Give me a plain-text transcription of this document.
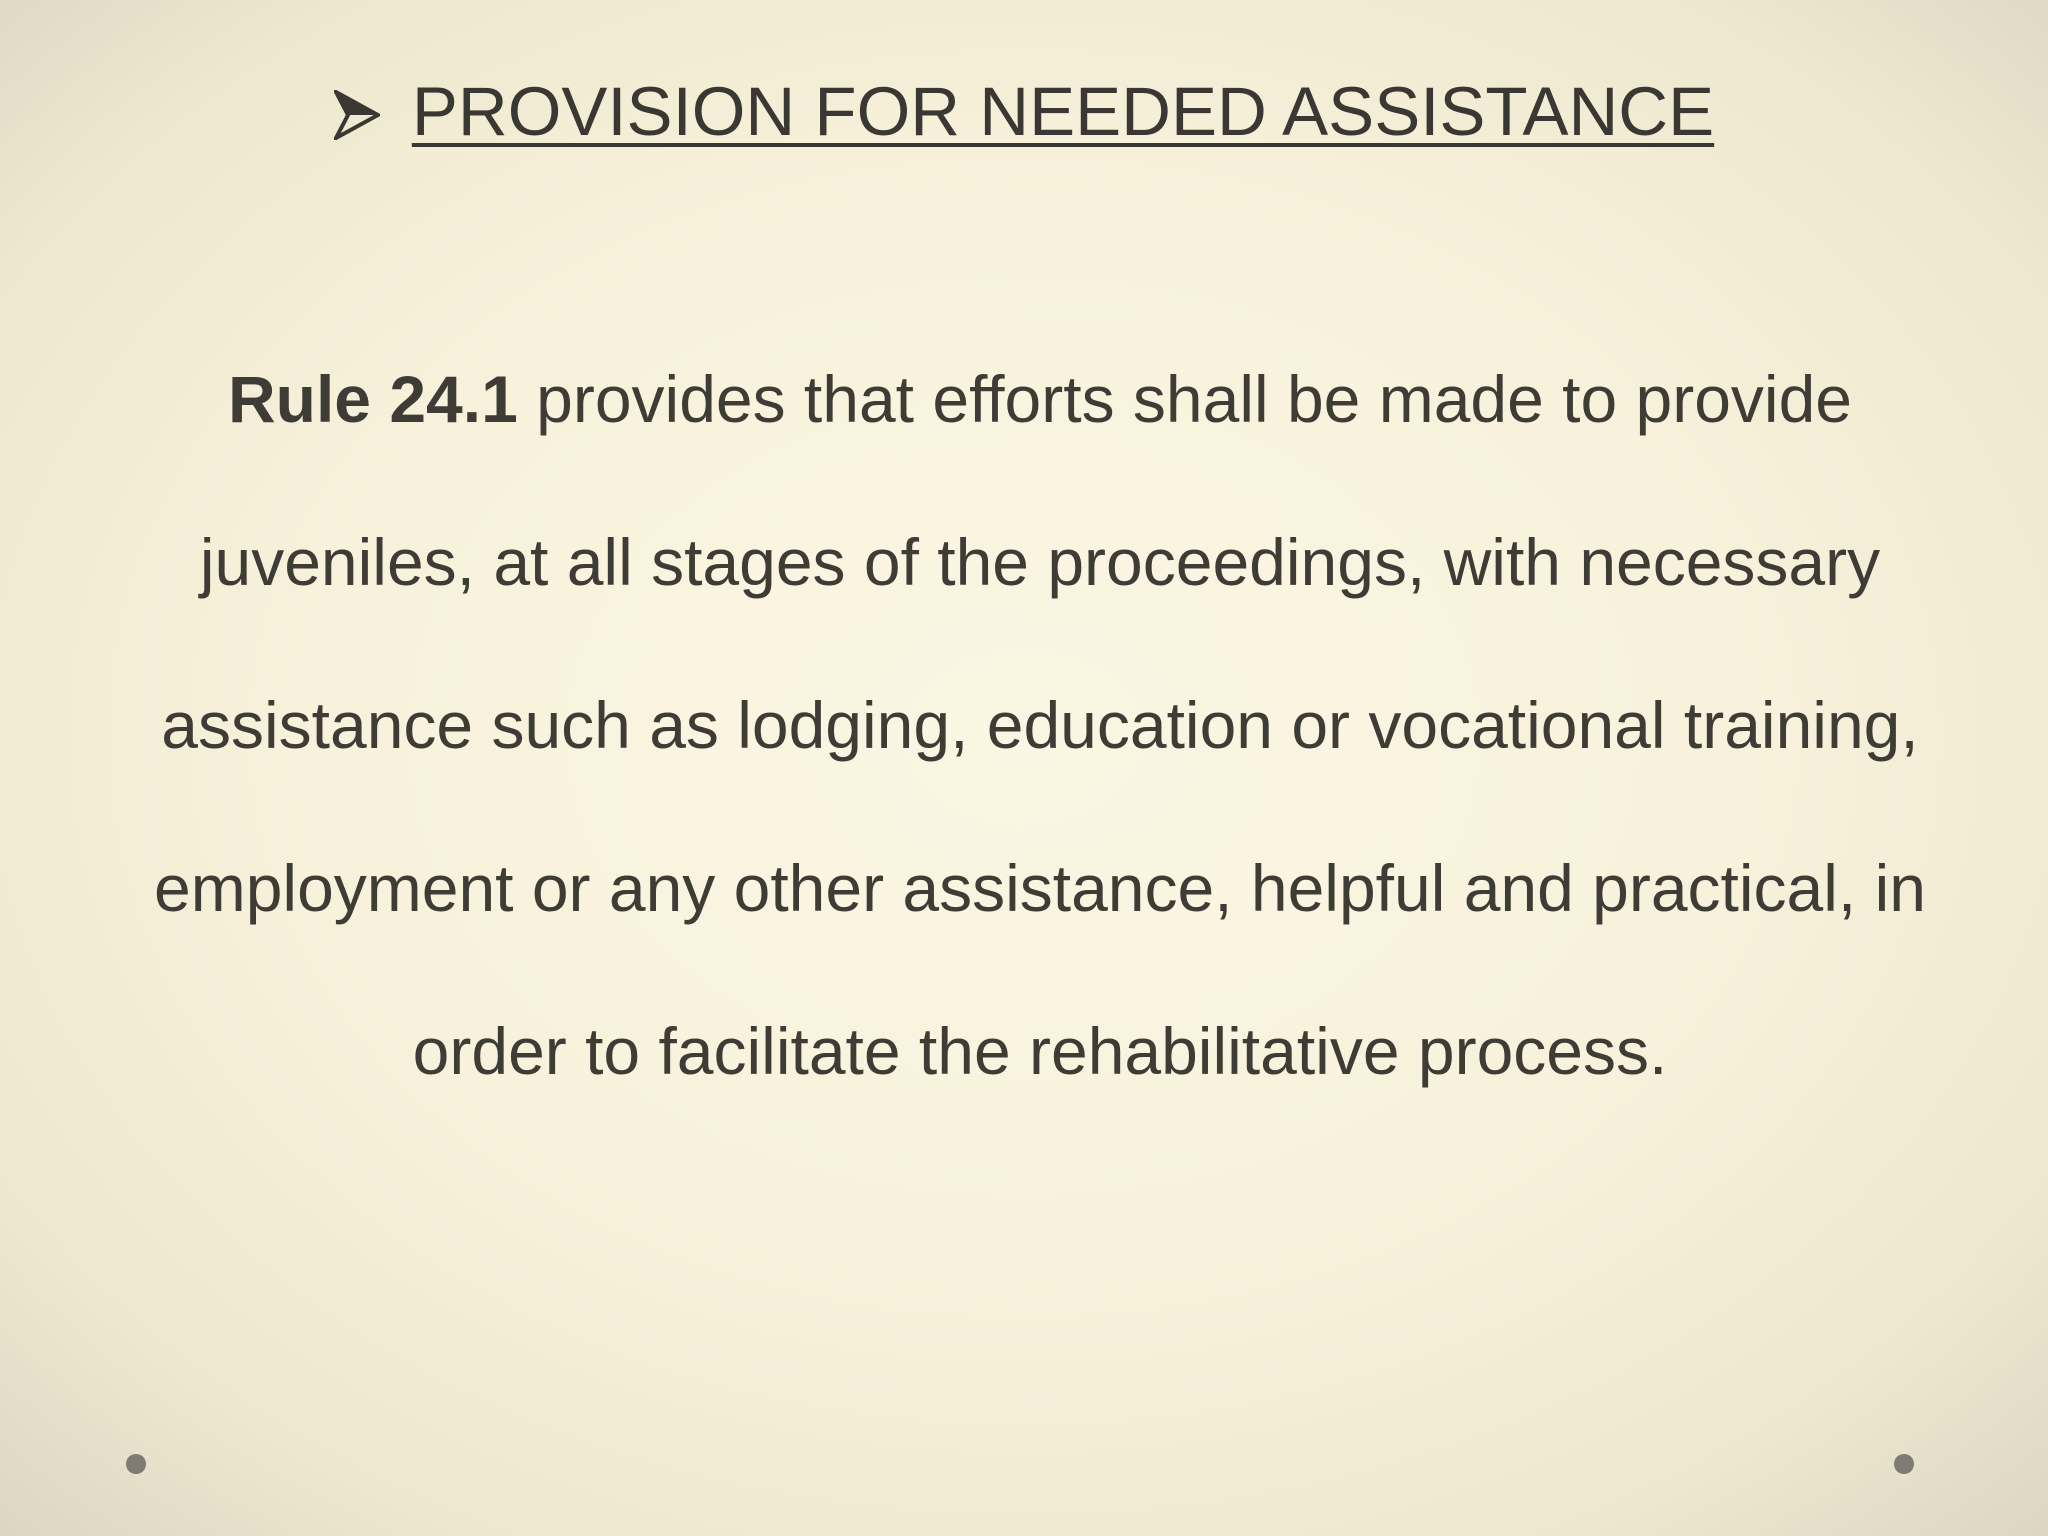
PROVISION FOR NEEDED ASSISTANCE

Rule 24.1 provides that efforts shall be made to provide juveniles, at all stages of the proceedings, with necessary assistance such as lodging, education or vocational training, employment or any other assistance, helpful and practical, in order to facilitate the rehabilitative process.
